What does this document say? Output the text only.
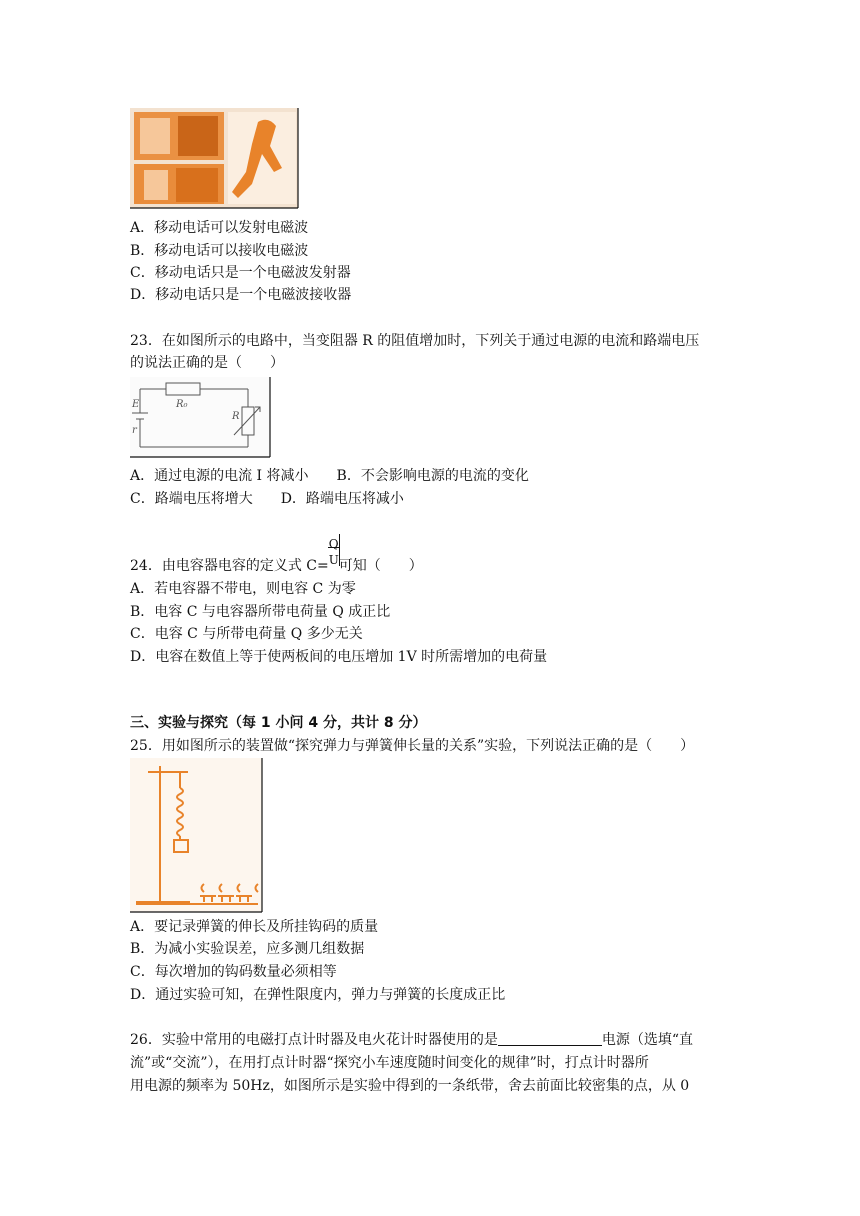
A．移动电话可以发射电磁波
B．移动电话可以接收电磁波
C．移动电话只是一个电磁波发射器
D．移动电话只是一个电磁波接收器
23．在如图所示的电路中，当变阻器 R 的阻值增加时，下列关于通过电源的电流和路端电压
的说法正确的是（　　）
E
r
R₀
R
A．通过电源的电流 I 将减小　　B．不会影响电源的电流的变化
C．路端电压将增大　　D．路端电压将减小
24．由电容器电容的定义式 $C= \frac{Q}{U}$ 可知（　　）
A．若电容器不带电，则电容 C 为零
B．电容 C 与电容器所带电荷量 Q 成正比
C．电容 C 与所带电荷量 Q 多少无关
D．电容在数值上等于使两板间的电压增加 1V 时所需增加的电荷量
三、实验与探究（每 1 小问 4 分，共计 8 分）
25．用如图所示的装置做“探究弹力与弹簧伸长量的关系”实验，下列说法正确的是（　　）
A．要记录弹簧的伸长及所挂钩码的质量
B．为减小实验误差，应多测几组数据
C．每次增加的钩码数量必须相等
D．通过实验可知，在弹性限度内，弹力与弹簧的长度成正比
26．实验中常用的电磁打点计时器及电火花计时器使用的是	电源（选填“直
流”或“交流”），在用打点计时器“探究小车速度随时间变化的规律”时，打点计时器所
用电源的频率为 50Hz，如图所示是实验中得到的一条纸带，舍去前面比较密集的点，从 0
